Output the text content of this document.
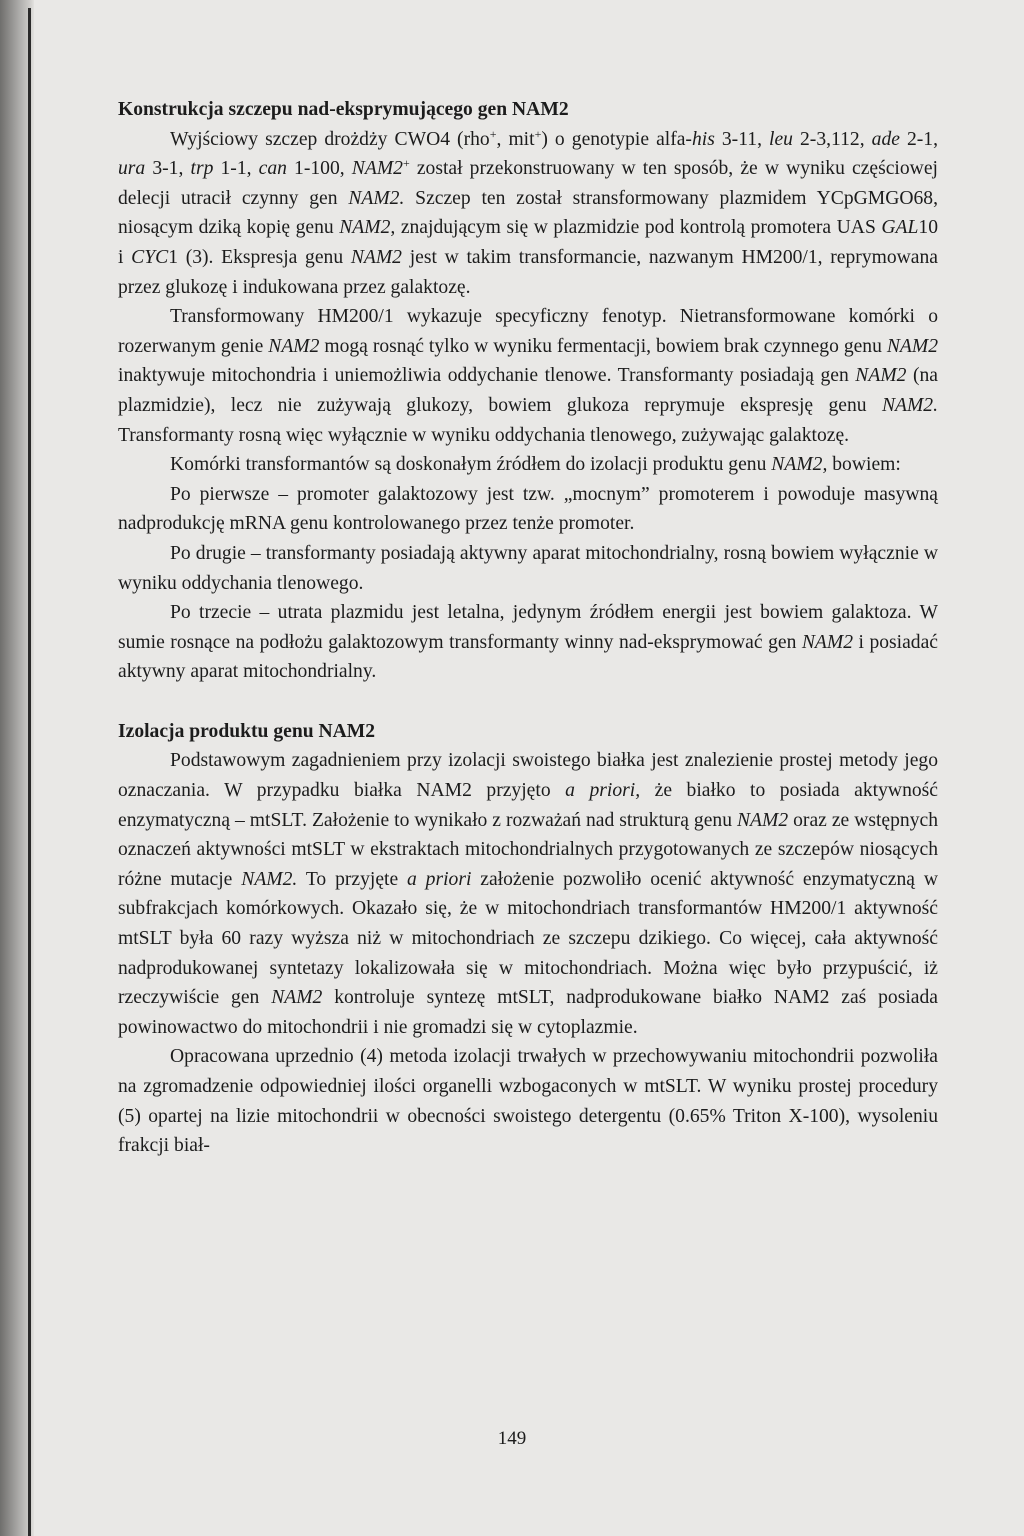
Konstrukcja szczepu nad-eksprymującego gen NAM2

Wyjściowy szczep drożdży CWO4 (rho+, mit+) o genotypie alfa-his 3-11, leu 2-3,112, ade 2-1, ura 3-1, trp 1-1, can 1-100, NAM2+ został przekonstruowany w ten sposób, że w wyniku częściowej delecji utracił czynny gen NAM2. Szczep ten został stransformowany plazmidem YCpGMGO68, niosącym dziką kopię genu NAM2, znajdującym się w plazmidzie pod kontrolą promotera UAS GAL10 i CYC1 (3). Ekspresja genu NAM2 jest w takim transformancie, nazwanym HM200/1, reprymowana przez glukozę i indukowana przez galaktozę.

Transformowany HM200/1 wykazuje specyficzny fenotyp. Nietransformowane komórki o rozerwanym genie NAM2 mogą rosnąć tylko w wyniku fermentacji, bowiem brak czynnego genu NAM2 inaktywuje mitochondria i uniemożliwia oddychanie tlenowe. Transformanty posiadają gen NAM2 (na plazmidzie), lecz nie zużywają glukozy, bowiem glukoza reprymuje ekspresję genu NAM2. Transformanty rosną więc wyłącznie w wyniku oddychania tlenowego, zużywając galaktozę.

Komórki transformantów są doskonałym źródłem do izolacji produktu genu NAM2, bowiem:

Po pierwsze – promoter galaktozowy jest tzw. „mocnym” promoterem i powoduje masywną nadprodukcję mRNA genu kontrolowanego przez tenże promoter.

Po drugie – transformanty posiadają aktywny aparat mitochondrialny, rosną bowiem wyłącznie w wyniku oddychania tlenowego.

Po trzecie – utrata plazmidu jest letalna, jedynym źródłem energii jest bowiem galaktoza. W sumie rosnące na podłożu galaktozowym transformanty winny nad-eksprymować gen NAM2 i posiadać aktywny aparat mitochondrialny.

Izolacja produktu genu NAM2

Podstawowym zagadnieniem przy izolacji swoistego białka jest znalezienie prostej metody jego oznaczania. W przypadku białka NAM2 przyjęto a priori, że białko to posiada aktywność enzymatyczną – mtSLT. Założenie to wynikało z rozważań nad strukturą genu NAM2 oraz ze wstępnych oznaczeń aktywności mtSLT w ekstraktach mitochondrialnych przygotowanych ze szczepów niosących różne mutacje NAM2. To przyjęte a priori założenie pozwoliło ocenić aktywność enzymatyczną w subfrakcjach komórkowych. Okazało się, że w mitochondriach transformantów HM200/1 aktywność mtSLT była 60 razy wyższa niż w mitochondriach ze szczepu dzikiego. Co więcej, cała aktywność nadprodukowanej syntetazy lokalizowała się w mitochondriach. Można więc było przypuścić, iż rzeczywiście gen NAM2 kontroluje syntezę mtSLT, nadprodukowane białko NAM2 zaś posiada powinowactwo do mitochondrii i nie gromadzi się w cytoplazmie.

Opracowana uprzednio (4) metoda izolacji trwałych w przechowywaniu mitochondrii pozwoliła na zgromadzenie odpowiedniej ilości organelli wzbogaconych w mtSLT. W wyniku prostej procedury (5) opartej na lizie mitochondrii w obecności swoistego detergentu (0.65% Triton X-100), wysoleniu frakcji biał-

149
